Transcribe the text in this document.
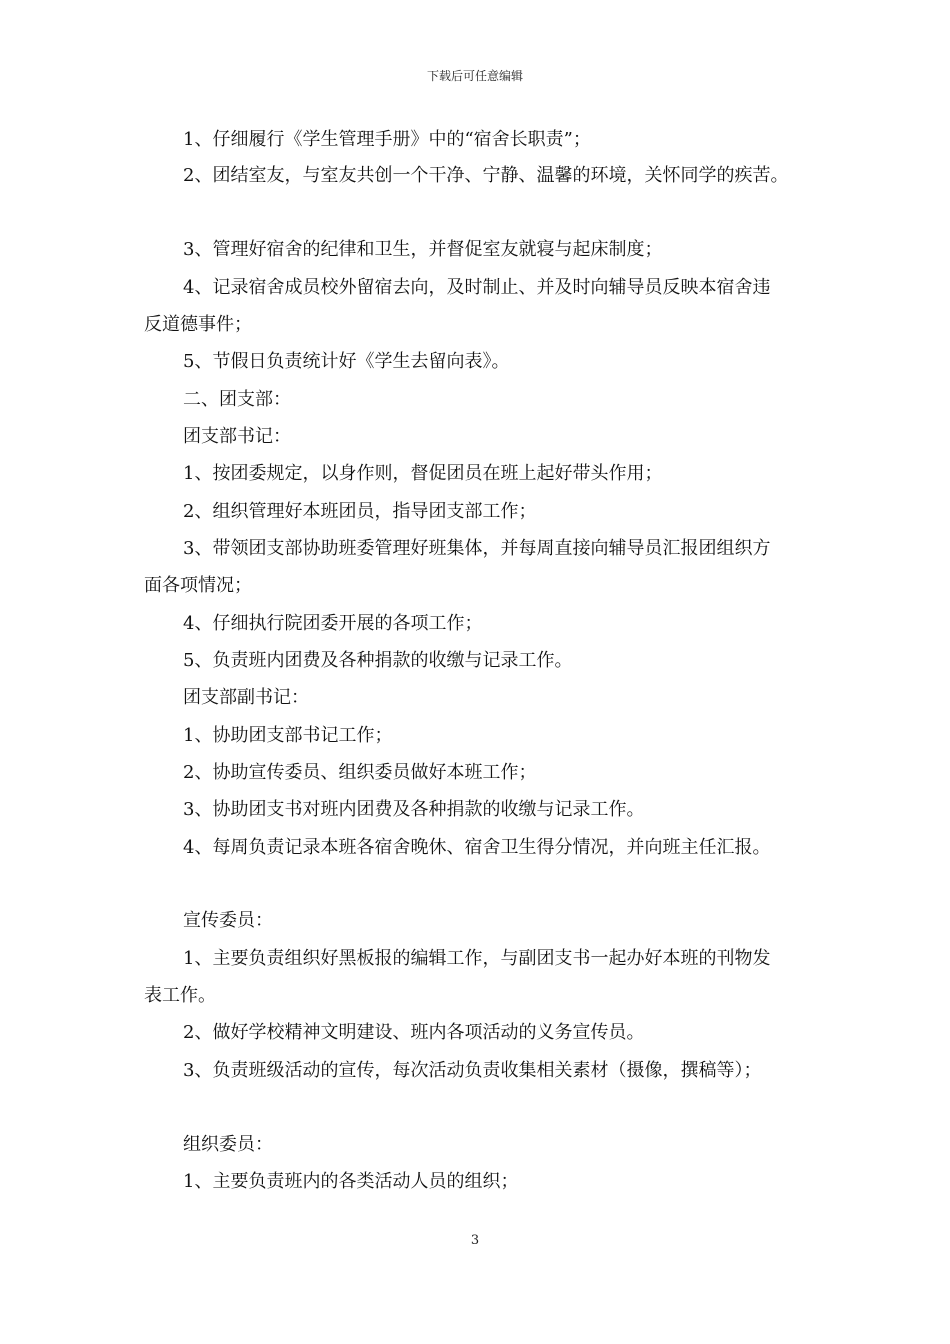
下载后可任意编辑
1、仔细履行《学生管理手册》中的“宿舍长职责”；
2、团结室友，与室友共创一个干净、宁静、温馨的环境，关怀同学的疾苦。
3、管理好宿舍的纪律和卫生，并督促室友就寝与起床制度；
4、记录宿舍成员校外留宿去向，及时制止、并及时向辅导员反映本宿舍违
反道德事件；
5、节假日负责统计好《学生去留向表》。
二、团支部：
团支部书记：
1、按团委规定，以身作则，督促团员在班上起好带头作用；
2、组织管理好本班团员，指导团支部工作；
3、带领团支部协助班委管理好班集体，并每周直接向辅导员汇报团组织方
面各项情况；
4、仔细执行院团委开展的各项工作；
5、负责班内团费及各种捐款的收缴与记录工作。
团支部副书记：
1、协助团支部书记工作；
2、协助宣传委员、组织委员做好本班工作；
3、协助团支书对班内团费及各种捐款的收缴与记录工作。
4、每周负责记录本班各宿舍晚休、宿舍卫生得分情况，并向班主任汇报。
宣传委员：
1、主要负责组织好黑板报的编辑工作，与副团支书一起办好本班的刊物发
表工作。
2、做好学校精神文明建设、班内各项活动的义务宣传员。
3、负责班级活动的宣传，每次活动负责收集相关素材（摄像，撰稿等）；
组织委员：
1、主要负责班内的各类活动人员的组织；
3
